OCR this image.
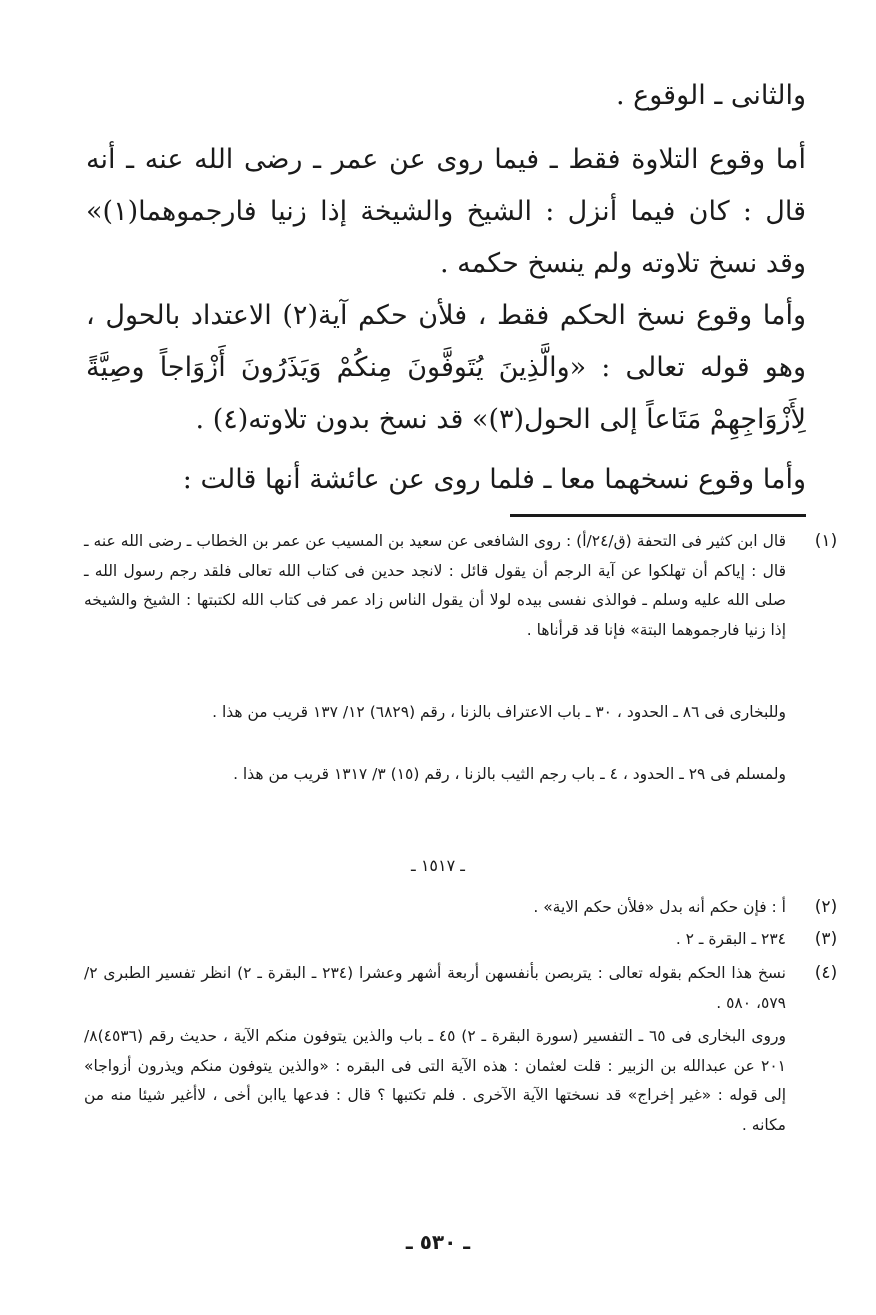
والثانى ـ الوقوع .

أما وقوع التلاوة فقط ـ فيما روى عن عمر ـ رضى الله عنه ـ أنه قال : كان فيما أنزل : الشيخ والشيخة إذا زنيا فارجموهما(١)» وقد نسخ تلاوته ولم ينسخ حكمه .

وأما وقوع نسخ الحكم فقط ، فلأن حكم آية(٢) الاعتداد بالحول ، وهو قوله تعالى : «والَّذِينَ يُتَوفَّونَ مِنكُمْ وَيَذَرُونَ أَزْوَاجاً وصِيَّةً لِأَزْوَاجِهِمْ مَتَاعاً إلى الحول(٣)» قد نسخ بدون تلاوته(٤) .

وأما وقوع نسخهما معا ـ فلما روى عن عائشة أنها قالت :

(١)

قال ابن كثير فى التحفة (ق/٢٤/أ) : روى الشافعى عن سعيد بن المسيب عن عمر بن الخطاب ـ رضى الله عنه ـ قال : إياكم أن تهلكوا عن آية الرجم أن يقول قائل : لانجد حدين فى كتاب الله تعالى فلقد رجم رسول الله ـ صلى الله عليه وسلم ـ فوالذى نفسى بيده لولا أن يقول الناس زاد عمر فى كتاب الله لكتبتها : الشيخ والشيخه إذا زنيا فارجموهما البتة» فإنا قد قرأناها .

وللبخارى فى ٨٦ ـ الحدود ، ٣٠ ـ باب الاعتراف بالزنا ، رقم (٦٨٢٩) ١٢/ ١٣٧ قريب من هذا .

ولمسلم فى ٢٩ ـ الحدود ، ٤ ـ باب رجم الثيب بالزنا ، رقم (١٥) ٣/ ١٣١٧ قريب من هذا .

ـ ١٥١٧ ـ
(٢)

أ : فإن حكم أنه بدل «فلأن حكم الاية» .

(٣)

٢٣٤ ـ البقرة ـ ٢ .

(٤)

نسخ هذا الحكم بقوله تعالى : يتربصن بأنفسهن أربعة أشهر وعشرا (٢٣٤ ـ البقرة ـ ٢) انظر تفسير الطبرى ٢/ ٥٧٩، ٥٨٠ .

وروى البخارى فى ٦٥ ـ التفسير (سورة البقرة ـ ٢) ٤٥ ـ باب والذين يتوفون منكم الآية ، حديث رقم (٤٥٣٦)٨/ ٢٠١ عن عبدالله بن الزبير : قلت لعثمان : هذه الآية التى فى البقره : «والذين يتوفون منكم ويذرون أزواجا» إلى قوله : «غير إخراج» قد نسختها الآية الآخرى . فلم تكتبها ؟ قال : فدعها ياابن أخى ، لاأغير شيئا منه من مكانه .

ـ ٥٣٠ ـ
